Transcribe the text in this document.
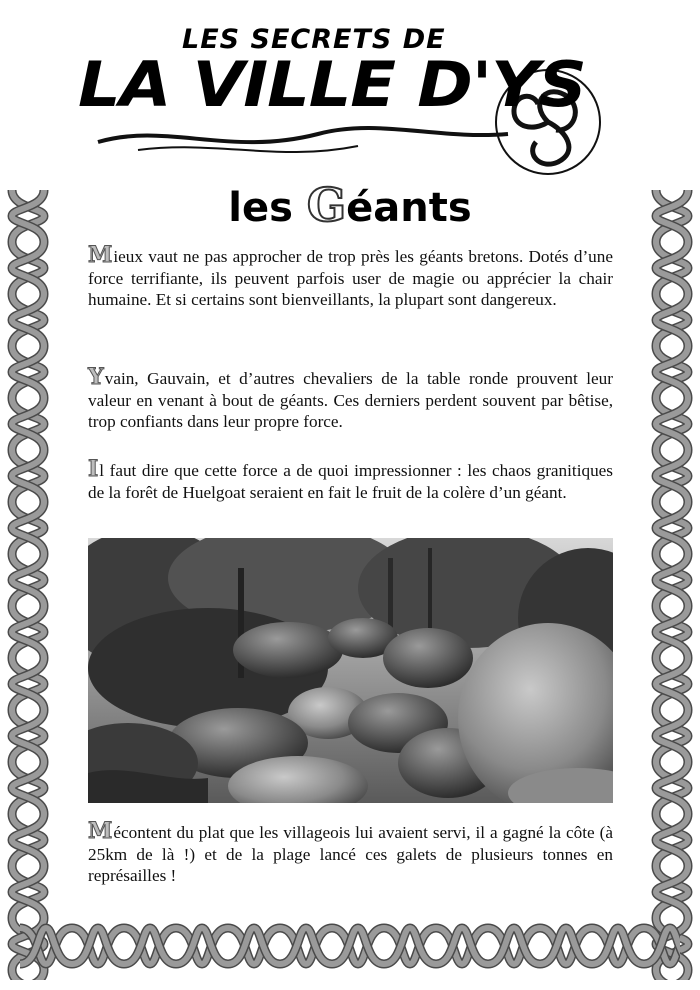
LES SECRETS DE
LA VILLE D'YS
les Géants

Mieux vaut ne pas approcher de trop près les géants bretons. Dotés d’une force terrifiante, ils peuvent parfois user de magie ou apprécier la chair humaine. Et si certains sont bienveillants, la plupart sont dangereux.

Yvain, Gauvain, et d’autres chevaliers de la table ronde prouvent leur valeur en venant à bout de géants. Ces derniers perdent souvent par bêtise, trop confiants dans leur propre force.

Il faut dire que cette force a de quoi impressionner : les chaos granitiques de la forêt de Huelgoat seraient en fait le fruit de la colère d’un géant.

Mécontent du plat que les villageois lui avaient servi, il a gagné la côte (à 25km de là !) et de la plage lancé ces galets de plusieurs tonnes en représailles !
